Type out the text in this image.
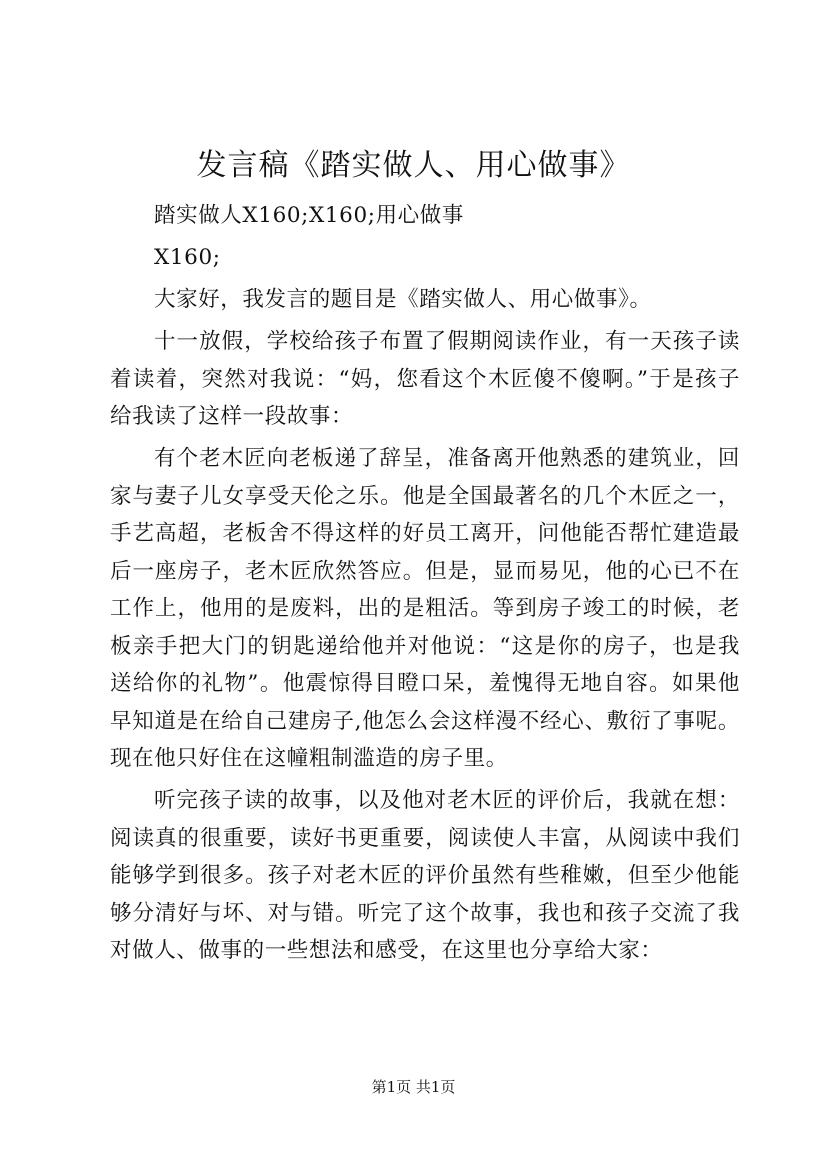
发言稿《踏实做人、用心做事》

踏实做人X160;X160;用心做事

X160;

大家好，我发言的题目是《踏实做人、用心做事》。

十一放假，学校给孩子布置了假期阅读作业，有一天孩子读着读着，突然对我说：“妈，您看这个木匠傻不傻啊。”于是孩子给我读了这样一段故事：

有个老木匠向老板递了辞呈，准备离开他熟悉的建筑业，回家与妻子儿女享受天伦之乐。他是全国最著名的几个木匠之一，手艺高超，老板舍不得这样的好员工离开，问他能否帮忙建造最后一座房子，老木匠欣然答应。但是，显而易见，他的心已不在工作上，他用的是废料，出的是粗活。等到房子竣工的时候，老板亲手把大门的钥匙递给他并对他说：“这是你的房子，也是我送给你的礼物”。他震惊得目瞪口呆，羞愧得无地自容。如果他早知道是在给自己建房子,他怎么会这样漫不经心、敷衍了事呢。现在他只好住在这幢粗制滥造的房子里。

听完孩子读的故事，以及他对老木匠的评价后，我就在想：阅读真的很重要，读好书更重要，阅读使人丰富，从阅读中我们能够学到很多。孩子对老木匠的评价虽然有些稚嫩，但至少他能够分清好与坏、对与错。听完了这个故事，我也和孩子交流了我对做人、做事的一些想法和感受，在这里也分享给大家：

第1页 共1页
